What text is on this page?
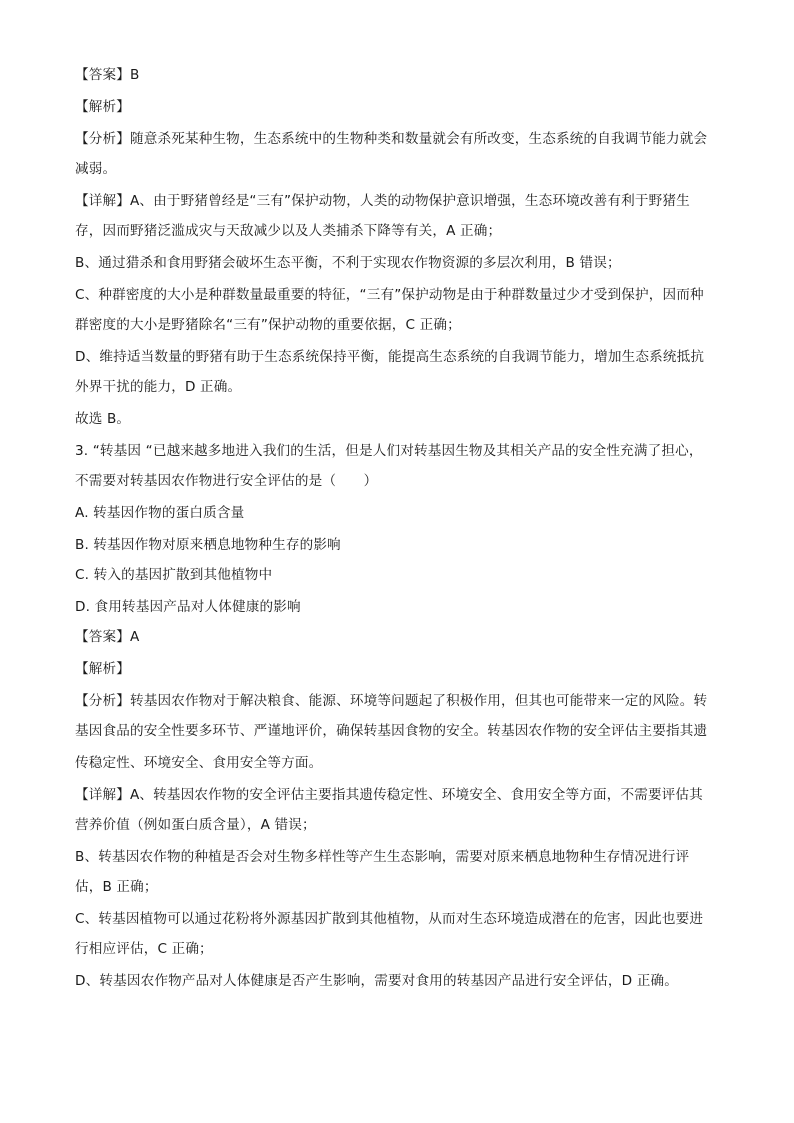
【答案】B
【解析】
【分析】随意杀死某种生物，生态系统中的生物种类和数量就会有所改变，生态系统的自我调节能力就会
减弱。
【详解】A、由于野猪曾经是“三有”保护动物，人类的动物保护意识增强，生态环境改善有利于野猪生
存，因而野猪泛滥成灾与天敌减少以及人类捕杀下降等有关，A 正确；
B、通过猎杀和食用野猪会破坏生态平衡，不利于实现农作物资源的多层次利用，B 错误；
C、种群密度的大小是种群数量最重要的特征，“三有”保护动物是由于种群数量过少才受到保护，因而种
群密度的大小是野猪除名“三有”保护动物的重要依据，C 正确；
D、维持适当数量的野猪有助于生态系统保持平衡，能提高生态系统的自我调节能力，增加生态系统抵抗
外界干扰的能力，D 正确。
故选 B。
3. “转基因 “已越来越多地进入我们的生活，但是人们对转基因生物及其相关产品的安全性充满了担心，
不需要对转基因农作物进行安全评估的是（　　）
A. 转基因作物的蛋白质含量
B. 转基因作物对原来栖息地物种生存的影响
C. 转入的基因扩散到其他植物中
D. 食用转基因产品对人体健康的影响
【答案】A
【解析】
【分析】转基因农作物对于解决粮食、能源、环境等问题起了积极作用，但其也可能带来一定的风险。转
基因食品的安全性要多环节、严谨地评价，确保转基因食物的安全。转基因农作物的安全评估主要指其遗
传稳定性、环境安全、食用安全等方面。
【详解】A、转基因农作物的安全评估主要指其遗传稳定性、环境安全、食用安全等方面，不需要评估其
营养价值（例如蛋白质含量），A 错误；
B、转基因农作物的种植是否会对生物多样性等产生生态影响，需要对原来栖息地物种生存情况进行评
估，B 正确；
C、转基因植物可以通过花粉将外源基因扩散到其他植物，从而对生态环境造成潜在的危害，因此也要进
行相应评估，C 正确；
D、转基因农作物产品对人体健康是否产生影响，需要对食用的转基因产品进行安全评估，D 正确。
